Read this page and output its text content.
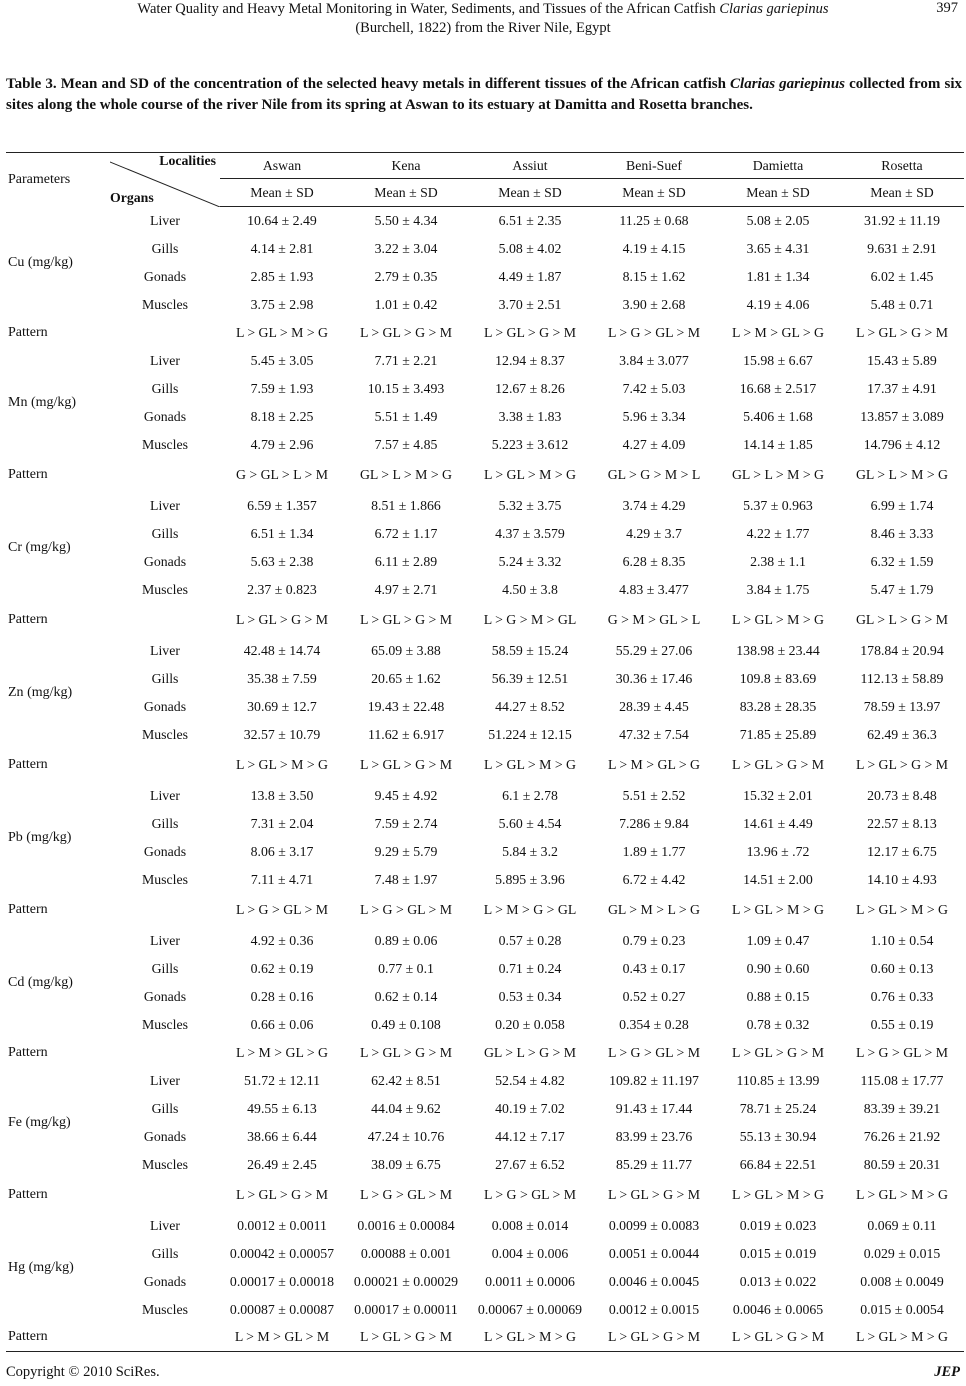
Water Quality and Heavy Metal Monitoring in Water, Sediments, and Tissues of the African Catfish Clarias gariepinus
(Burchell, 1822) from the River Nile, Egypt
397
Table 3. Mean and SD of the concentration of the selected heavy metals in different tissues of the African catfish Clarias gariepinus collected from six sites along the whole course of the river Nile from its spring at Aswan to its estuary at Damitta and Rosetta branches.
Parameters	Localities
Organs	Aswan	Kena	Assiut	Beni-Suef	Damietta	Rosetta
		Mean ± SD	Mean ± SD	Mean ± SD	Mean ± SD	Mean ± SD	Mean ± SD
Cu (mg/kg)	Liver	10.64 ± 2.49	5.50 ± 4.34	6.51 ± 2.35	11.25 ± 0.68	5.08 ± 2.05	31.92 ± 11.19
	Gills	4.14 ± 2.81	3.22 ± 3.04	5.08 ± 4.02	4.19 ± 4.15	3.65 ± 4.31	9.631 ± 2.91
	Gonads	2.85 ± 1.93	2.79 ± 0.35	4.49 ± 1.87	8.15 ± 1.62	1.81 ± 1.34	6.02 ± 1.45
	Muscles	3.75 ± 2.98	1.01 ± 0.42	3.70 ± 2.51	3.90 ± 2.68	4.19 ± 4.06	5.48 ± 0.71
Pattern		L > GL > M > G	L > GL > G > M	L > GL > G > M	L > G > GL > M	L > M > GL > G	L > GL > G > M
Mn (mg/kg)	Liver	5.45 ± 3.05	7.71 ± 2.21	12.94 ± 8.37	3.84 ± 3.077	15.98 ± 6.67	15.43 ± 5.89
	Gills	7.59 ± 1.93	10.15 ± 3.493	12.67 ± 8.26	7.42 ± 5.03	16.68 ± 2.517	17.37 ± 4.91
	Gonads	8.18 ± 2.25	5.51 ± 1.49	3.38 ± 1.83	5.96 ± 3.34	5.406 ± 1.68	13.857 ± 3.089
	Muscles	4.79 ± 2.96	7.57 ± 4.85	5.223 ± 3.612	4.27 ± 4.09	14.14 ± 1.85	14.796 ± 4.12
Pattern		G > GL > L > M	GL > L > M > G	L > GL > M > G	GL > G > M > L	GL > L > M > G	GL > L > M > G
Cr (mg/kg)	Liver	6.59 ± 1.357	8.51 ± 1.866	5.32 ± 3.75	3.74 ± 4.29	5.37 ± 0.963	6.99 ± 1.74
	Gills	6.51 ± 1.34	6.72 ± 1.17	4.37 ± 3.579	4.29 ± 3.7	4.22 ± 1.77	8.46 ± 3.33
	Gonads	5.63 ± 2.38	6.11 ± 2.89	5.24 ± 3.32	6.28 ± 8.35	2.38 ± 1.1	6.32 ± 1.59
	Muscles	2.37 ± 0.823	4.97 ± 2.71	4.50 ± 3.8	4.83 ± 3.477	3.84 ± 1.75	5.47 ± 1.79
Pattern		L > GL > G > M	L > GL > G > M	L > G > M > GL	G > M > GL > L	L > GL > M > G	GL > L > G > M
Zn (mg/kg)	Liver	42.48 ± 14.74	65.09 ± 3.88	58.59 ± 15.24	55.29 ± 27.06	138.98 ± 23.44	178.84 ± 20.94
	Gills	35.38 ± 7.59	20.65 ± 1.62	56.39 ± 12.51	30.36 ± 17.46	109.8 ± 83.69	112.13 ± 58.89
	Gonads	30.69 ± 12.7	19.43 ± 22.48	44.27 ± 8.52	28.39 ± 4.45	83.28 ± 28.35	78.59 ± 13.97
	Muscles	32.57 ± 10.79	11.62 ± 6.917	51.224 ± 12.15	47.32 ± 7.54	71.85 ± 25.89	62.49 ± 36.3
Pattern		L > GL > M > G	L > GL > G > M	L > GL > M > G	L > M > GL > G	L > GL > G > M	L > GL > G > M
Pb (mg/kg)	Liver	13.8 ± 3.50	9.45 ± 4.92	6.1 ± 2.78	5.51 ± 2.52	15.32 ± 2.01	20.73 ± 8.48
	Gills	7.31 ± 2.04	7.59 ± 2.74	5.60 ± 4.54	7.286 ± 9.84	14.61 ± 4.49	22.57 ± 8.13
	Gonads	8.06 ± 3.17	9.29 ± 5.79	5.84 ± 3.2	1.89 ± 1.77	13.96 ± .72	12.17 ± 6.75
	Muscles	7.11 ± 4.71	7.48 ± 1.97	5.895 ± 3.96	6.72 ± 4.42	14.51 ± 2.00	14.10 ± 4.93
Pattern		L > G > GL > M	L > G > GL > M	L > M > G > GL	GL > M > L > G	L > GL > M > G	L > GL > M > G
Cd (mg/kg)	Liver	4.92 ± 0.36	0.89 ± 0.06	0.57 ± 0.28	0.79 ± 0.23	1.09 ± 0.47	1.10 ± 0.54
	Gills	0.62 ± 0.19	0.77 ± 0.1	0.71 ± 0.24	0.43 ± 0.17	0.90 ± 0.60	0.60 ± 0.13
	Gonads	0.28 ± 0.16	0.62 ± 0.14	0.53 ± 0.34	0.52 ± 0.27	0.88 ± 0.15	0.76 ± 0.33
	Muscles	0.66 ± 0.06	0.49 ± 0.108	0.20 ± 0.058	0.354 ± 0.28	0.78 ± 0.32	0.55 ± 0.19
Pattern		L > M > GL > G	L > GL > G > M	GL > L > G > M	L > G > GL > M	L > GL > G > M	L > G > GL > M
Fe (mg/kg)	Liver	51.72 ± 12.11	62.42 ± 8.51	52.54 ± 4.82	109.82 ± 11.197	110.85 ± 13.99	115.08 ± 17.77
	Gills	49.55 ± 6.13	44.04 ± 9.62	40.19 ± 7.02	91.43 ± 17.44	78.71 ± 25.24	83.39 ± 39.21
	Gonads	38.66 ± 6.44	47.24 ± 10.76	44.12 ± 7.17	83.99 ± 23.76	55.13 ± 30.94	76.26 ± 21.92
	Muscles	26.49 ± 2.45	38.09 ± 6.75	27.67 ± 6.52	85.29 ± 11.77	66.84 ± 22.51	80.59 ± 20.31
Pattern		L > GL > G > M	L > G > GL > M	L > G > GL > M	L > GL > G > M	L > GL > M > G	L > GL > M > G
Hg (mg/kg)	Liver	0.0012 ± 0.0011	0.0016 ± 0.00084	0.008 ± 0.014	0.0099 ± 0.0083	0.019 ± 0.023	0.069 ± 0.11
	Gills	0.00042 ± 0.00057	0.00088 ± 0.001	0.004 ± 0.006	0.0051 ± 0.0044	0.015 ± 0.019	0.029 ± 0.015
	Gonads	0.00017 ± 0.00018	0.00021 ± 0.00029	0.0011 ± 0.0006	0.0046 ± 0.0045	0.013 ± 0.022	0.008 ± 0.0049
	Muscles	0.00087 ± 0.00087	0.00017 ± 0.00011	0.00067 ± 0.00069	0.0012 ± 0.0015	0.0046 ± 0.0065	0.015 ± 0.0054
Pattern		L > M > GL > M	L > GL > G > M	L > GL > M > G	L > GL > G > M	L > GL > G > M	L > GL > M > G
Copyright © 2010 SciRes.	JEP
